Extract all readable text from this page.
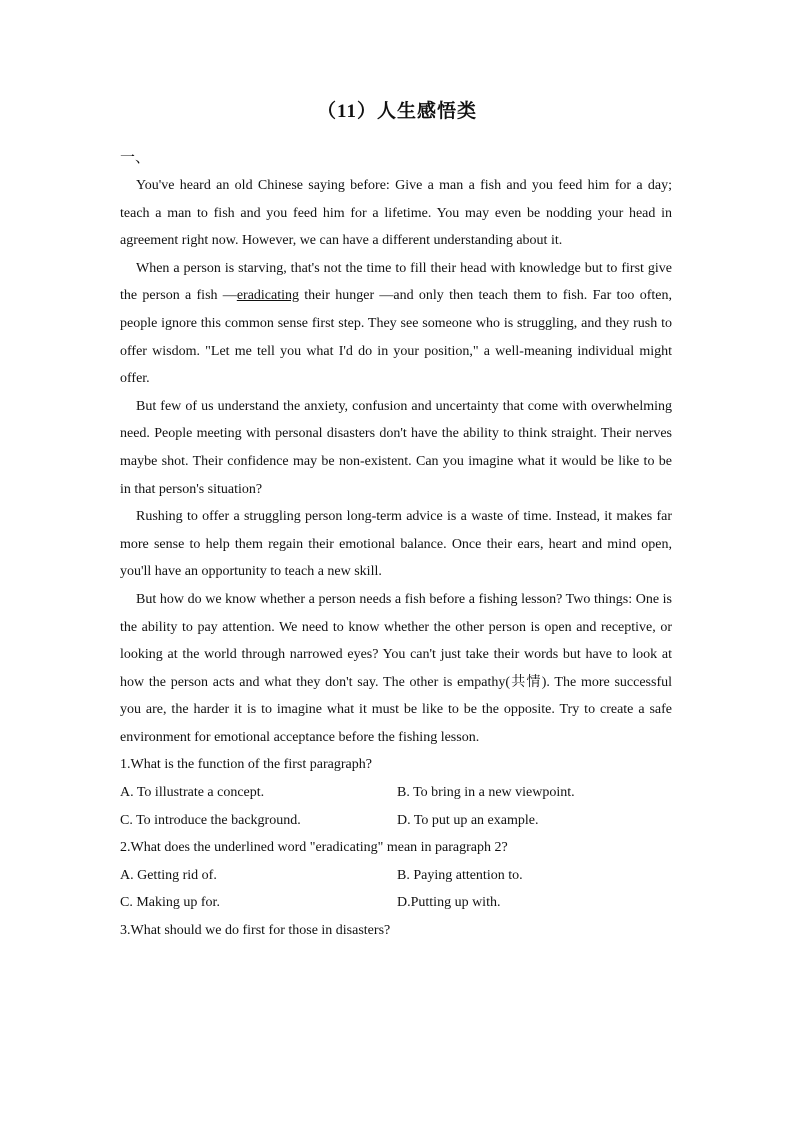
（11）人生感悟类
一、

You've heard an old Chinese saying before: Give a man a fish and you feed him for a day; teach a man to fish and you feed him for a lifetime. You may even be nodding your head in agreement right now. However, we can have a different understanding about it.

When a person is starving, that's not the time to fill their head with knowledge but to first give the person a fish —eradicating their hunger —and only then teach them to fish. Far too often, people ignore this common sense first step. They see someone who is struggling, and they rush to offer wisdom. "Let me tell you what I'd do in your position," a well-meaning individual might offer.

But few of us understand the anxiety, confusion and uncertainty that come with overwhelming need. People meeting with personal disasters don't have the ability to think straight. Their nerves maybe shot. Their confidence may be non-existent. Can you imagine what it would be like to be in that person's situation?

Rushing to offer a struggling person long-term advice is a waste of time. Instead, it makes far more sense to help them regain their emotional balance. Once their ears, heart and mind open, you'll have an opportunity to teach a new skill.

But how do we know whether a person needs a fish before a fishing lesson? Two things: One is the ability to pay attention. We need to know whether the other person is open and receptive, or looking at the world through narrowed eyes? You can't just take their words but have to look at how the person acts and what they don't say. The other is empathy(共情). The more successful you are, the harder it is to imagine what it must be like to be the opposite. Try to create a safe environment for emotional acceptance before the fishing lesson.

1.What is the function of the first paragraph?
A. To illustrate a concept.	B. To bring in a new viewpoint.
C. To introduce the background.	D. To put up an example.
2.What does the underlined word "eradicating" mean in paragraph 2?
A. Getting rid of.	B. Paying attention to.
C. Making up for.	D.Putting up with.
3.What should we do first for those in disasters?
